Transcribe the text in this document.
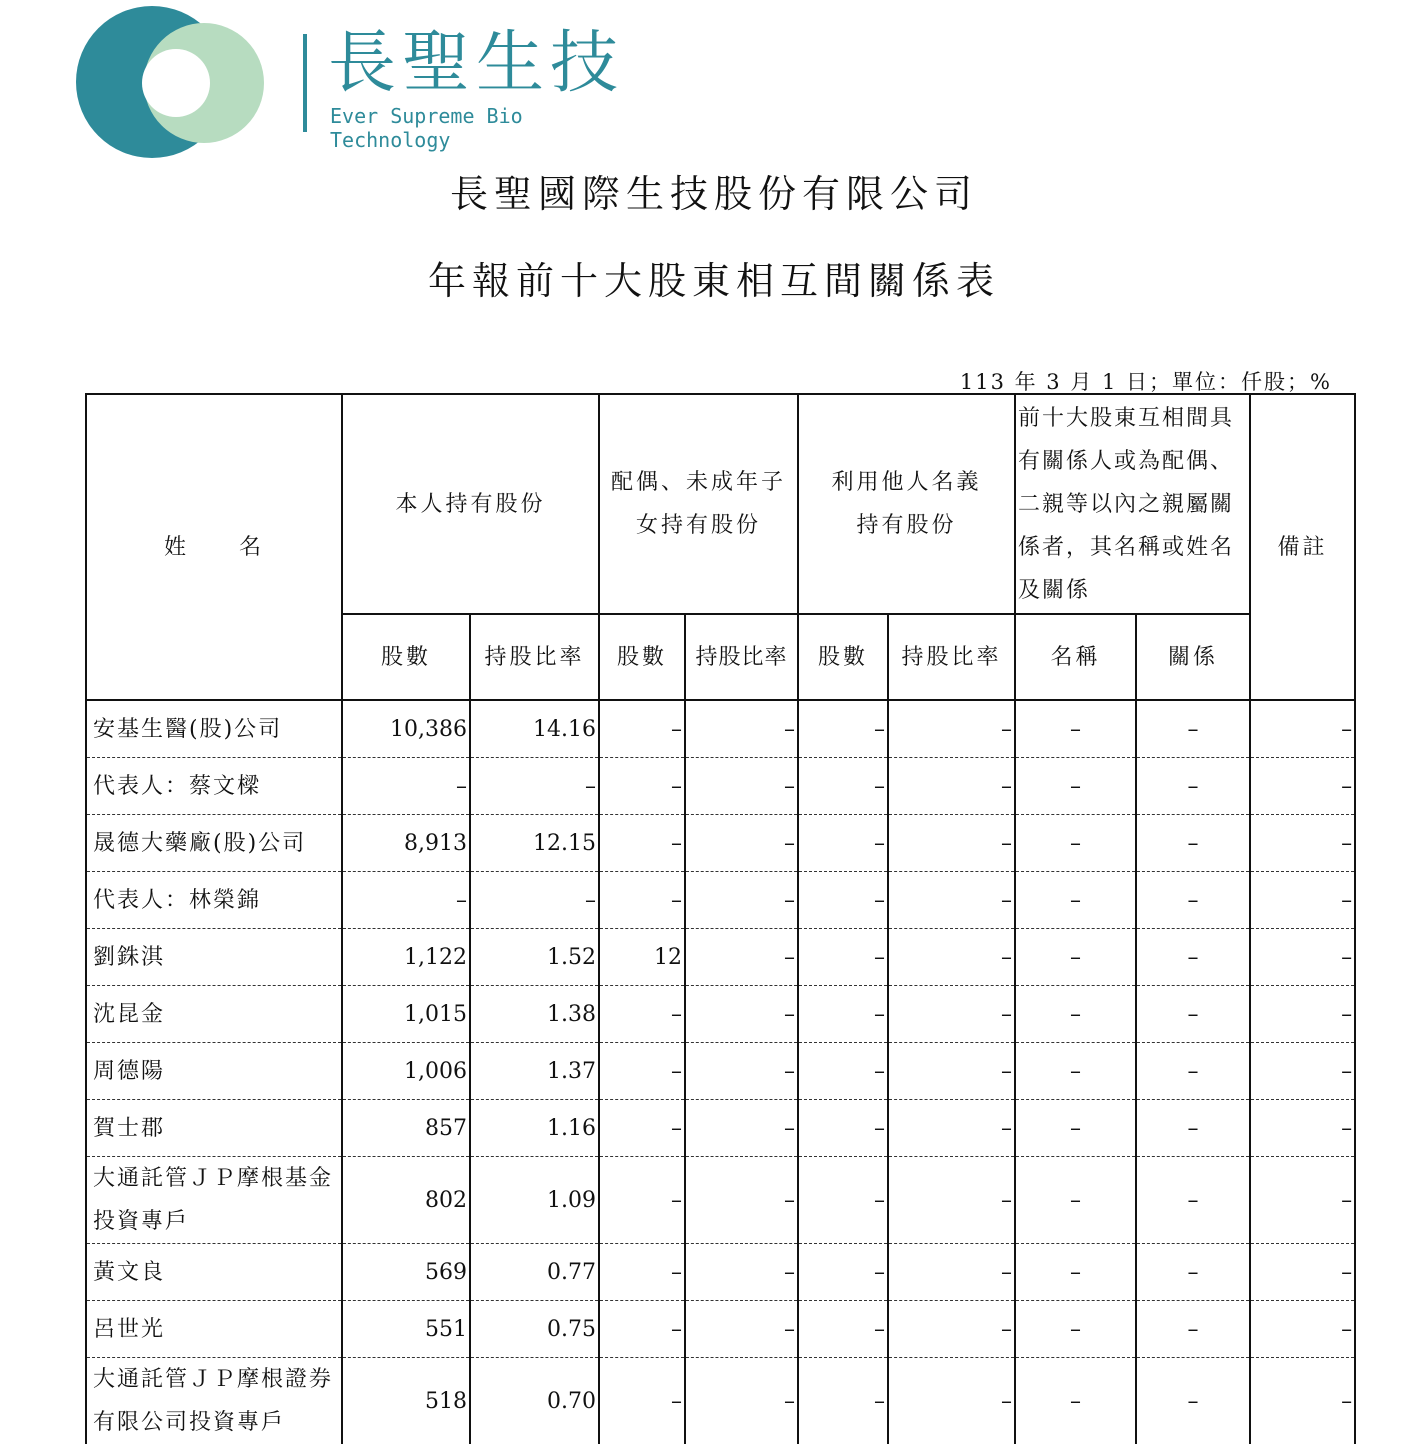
長聖生技
Ever Supreme Bio Technology
長聖國際生技股份有限公司
年報前十大股東相互間關係表
113 年 3 月 1 日；單位：仟股；%
姓　　名	本人持有股份		配偶、未成年子女持有股份		利用他人名義持有股份		前十大股東互相間具有關係人或為配偶、二親等以內之親屬關係者，其名稱或姓名及關係		備註
	股數	持股比率	股數	持股比率	股數	持股比率	名稱	關係	
安基生醫(股)公司	10,386	14.16	–	–	–	–	–	–	–
代表人：蔡文樑	–	–	–	–	–	–	–	–	–
晟德大藥廠(股)公司	8,913	12.15	–	–	–	–	–	–	–
代表人：林榮錦	–	–	–	–	–	–	–	–	–
劉銖淇	1,122	1.52	12	–	–	–	–	–	–
沈昆金	1,015	1.38	–	–	–	–	–	–	–
周德陽	1,006	1.37	–	–	–	–	–	–	–
賀士郡	857	1.16	–	–	–	–	–	–	–
大通託管ＪＰ摩根基金投資專戶	802	1.09	–	–	–	–	–	–	–
黃文良	569	0.77	–	–	–	–	–	–	–
呂世光	551	0.75	–	–	–	–	–	–	–
大通託管ＪＰ摩根證券有限公司投資專戶	518	0.70	–	–	–	–	–	–	–
